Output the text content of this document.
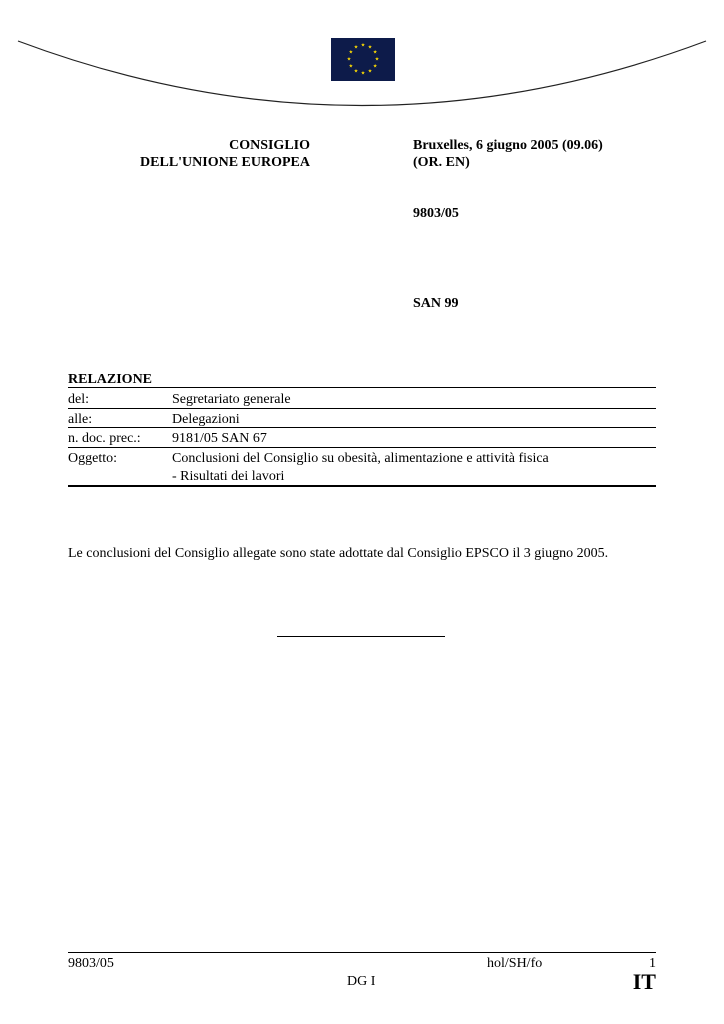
★ ★
★
★
★
★
★
★
★
★
★
★
CONSIGLIO
DELL'UNIONE EUROPEA
Bruxelles, 6 giugno 2005 (09.06)
(OR. EN)
9803/05
SAN 99
RELAZIONE
del:	Segretariato generale
alle:	Delegazioni
n. doc. prec.: 9181/05 SAN 67
Oggetto:	Conclusioni del Consiglio su obesità, alimentazione e attività fisica
- Risultati dei lavori
Le conclusioni del Consiglio allegate sono state adottate dal Consiglio EPSCO il 3 giugno 2005.
9803/05	hol/SH/fo	1
DG I	IT
